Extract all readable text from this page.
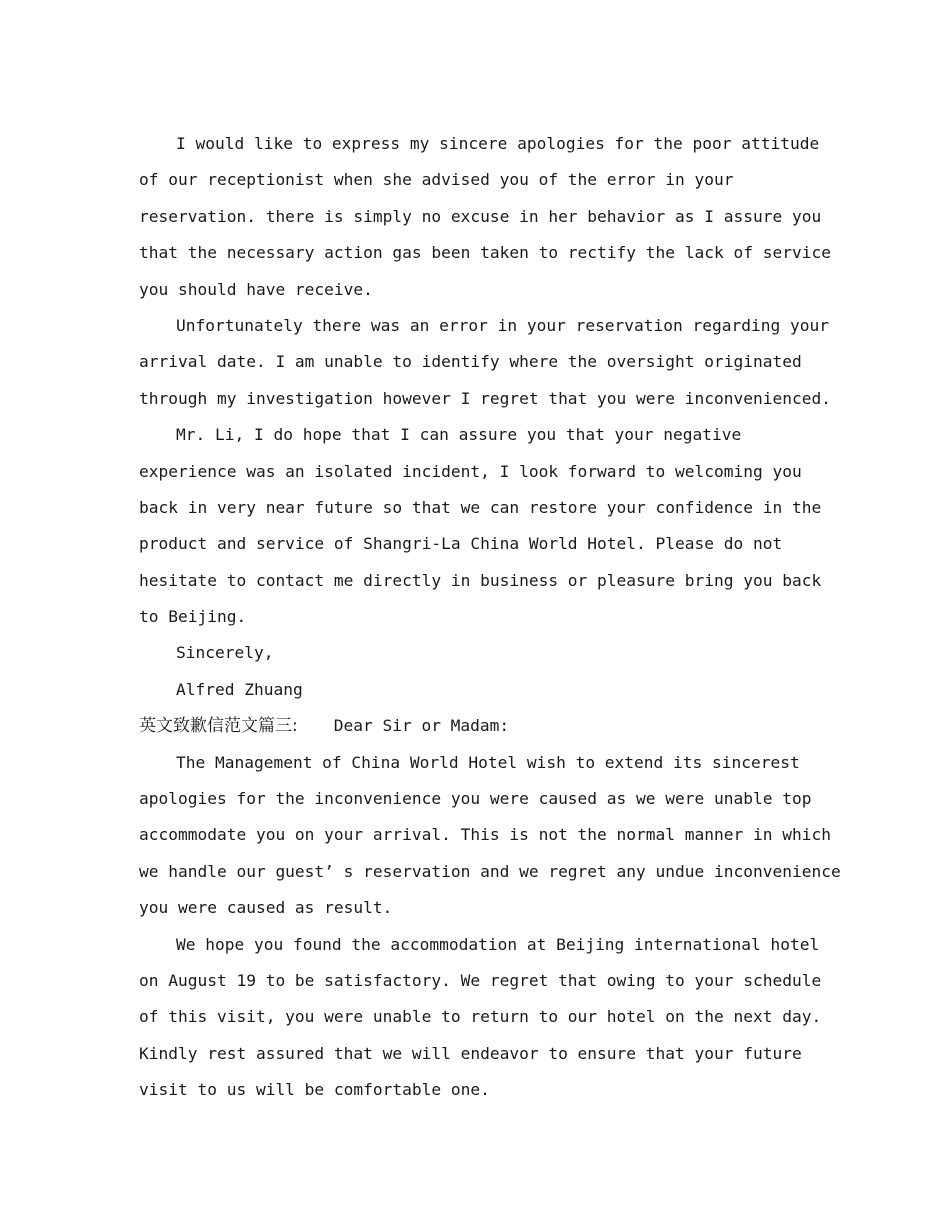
I would like to express my sincere apologies for the poor attitude
of our receptionist when she advised you of the error in your
reservation. there is simply no excuse in her behavior as I assure you
that the necessary action gas been taken to rectify the lack of service
you should have receive.
Unfortunately there was an error in your reservation regarding your
arrival date. I am unable to identify where the oversight originated
through my investigation however I regret that you were inconvenienced.
Mr. Li, I do hope that I can assure you that your negative
experience was an isolated incident, I look forward to welcoming you
back in very near future so that we can restore your confidence in the
product and service of Shangri-La China World Hotel. Please do not
hesitate to contact me directly in business or pleasure bring you back
to Beijing.
Sincerely,
Alfred Zhuang
英文致歉信范文篇三: Dear Sir or Madam:
The Management of China World Hotel wish to extend its sincerest
apologies for the inconvenience you were caused as we were unable top
accommodate you on your arrival. This is not the normal manner in which
we handle our guest’ s reservation and we regret any undue inconvenience
you were caused as result.
We hope you found the accommodation at Beijing international hotel
on August 19 to be satisfactory. We regret that owing to your schedule
of this visit, you were unable to return to our hotel on the next day.
Kindly rest assured that we will endeavor to ensure that your future
visit to us will be comfortable one.
